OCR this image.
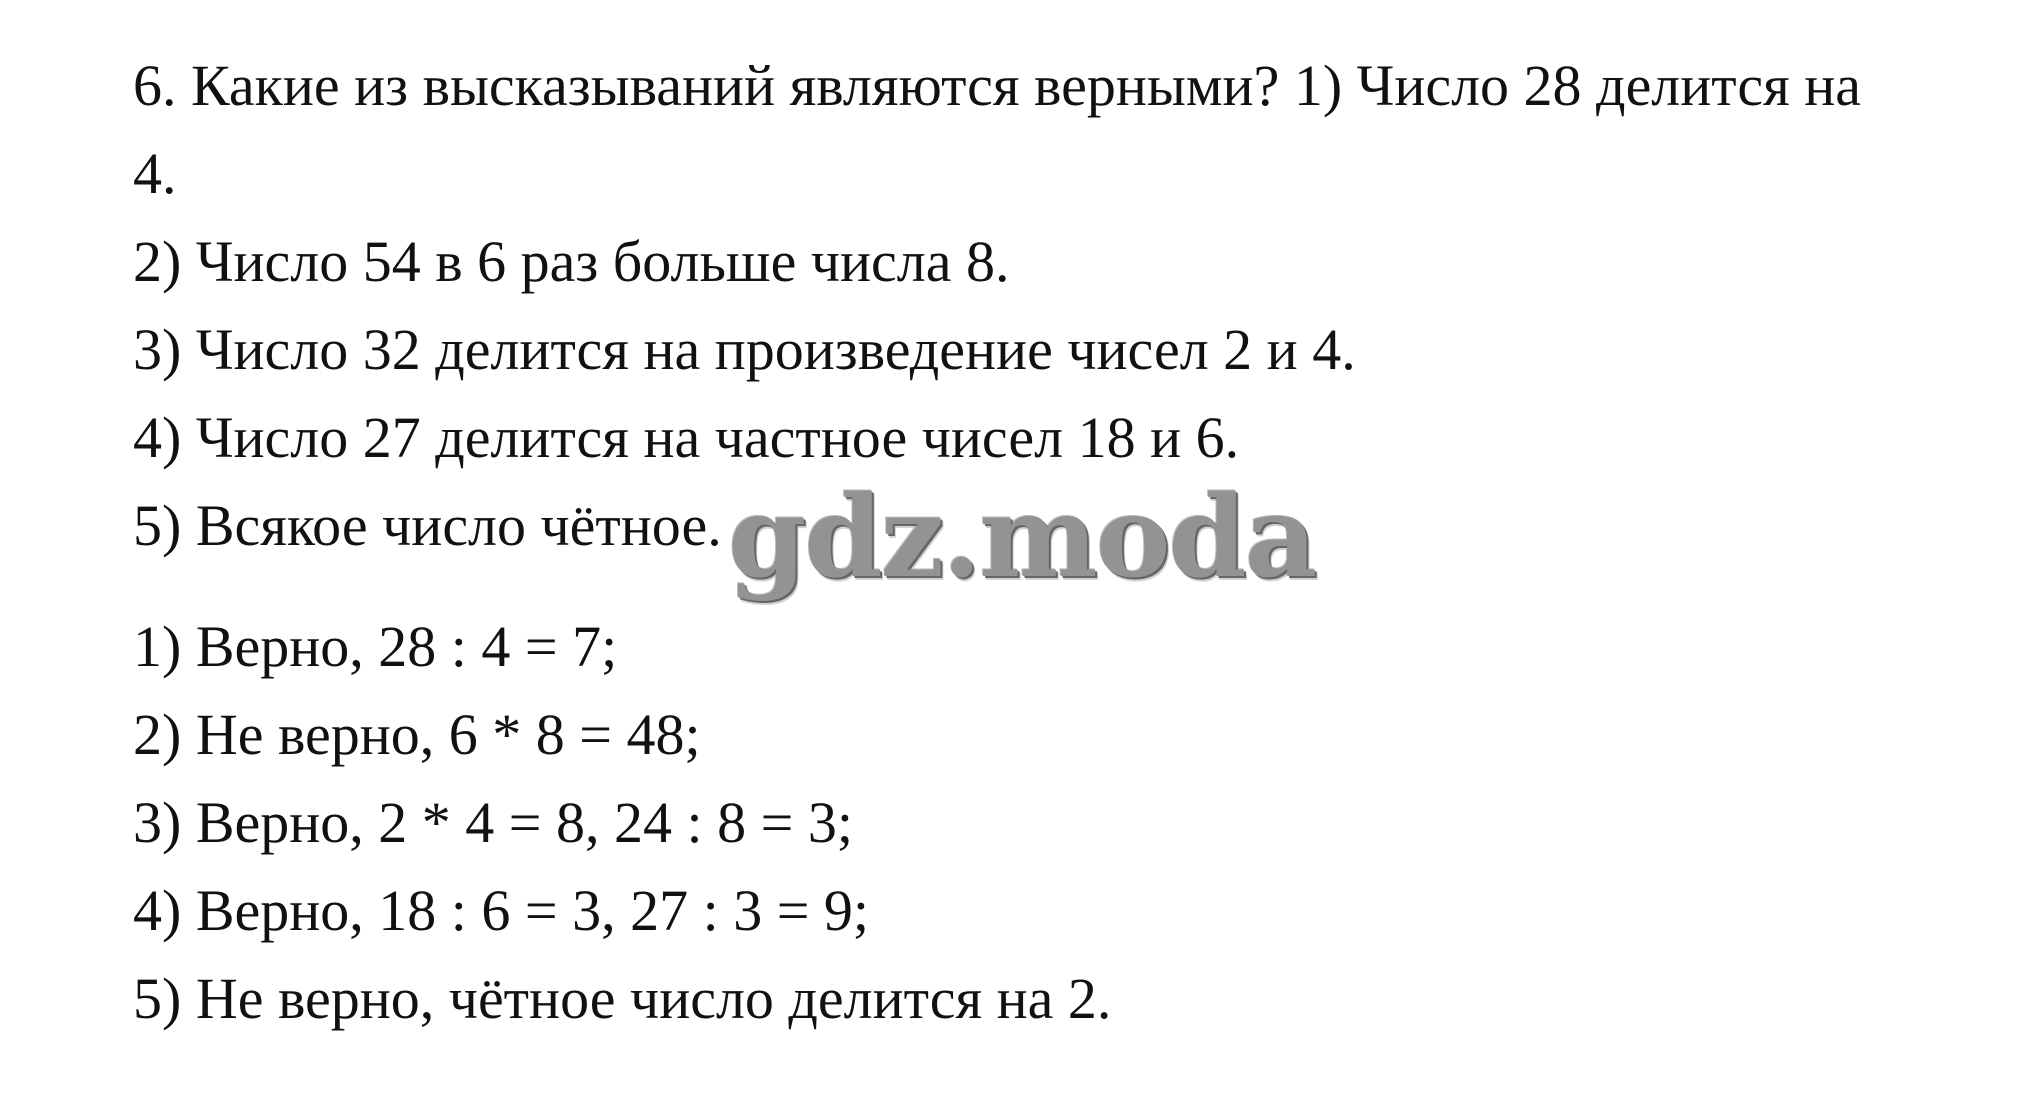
6. Какие из высказываний являются верными? 1) Число 28 делится на
4.
2) Число 54 в 6 раз больше числа 8.
3) Число 32 делится на произведение чисел 2 и 4.
4) Число 27 делится на частное чисел 18 и 6.
5) Всякое число чётное. gdz.moda
1) Верно, 28 : 4 = 7;
2) Не верно, 6 * 8 = 48;
3) Верно, 2 * 4 = 8, 24 : 8 = 3;
4) Верно, 18 : 6 = 3, 27 : 3 = 9;
5) Не верно, чётное число делится на 2.
